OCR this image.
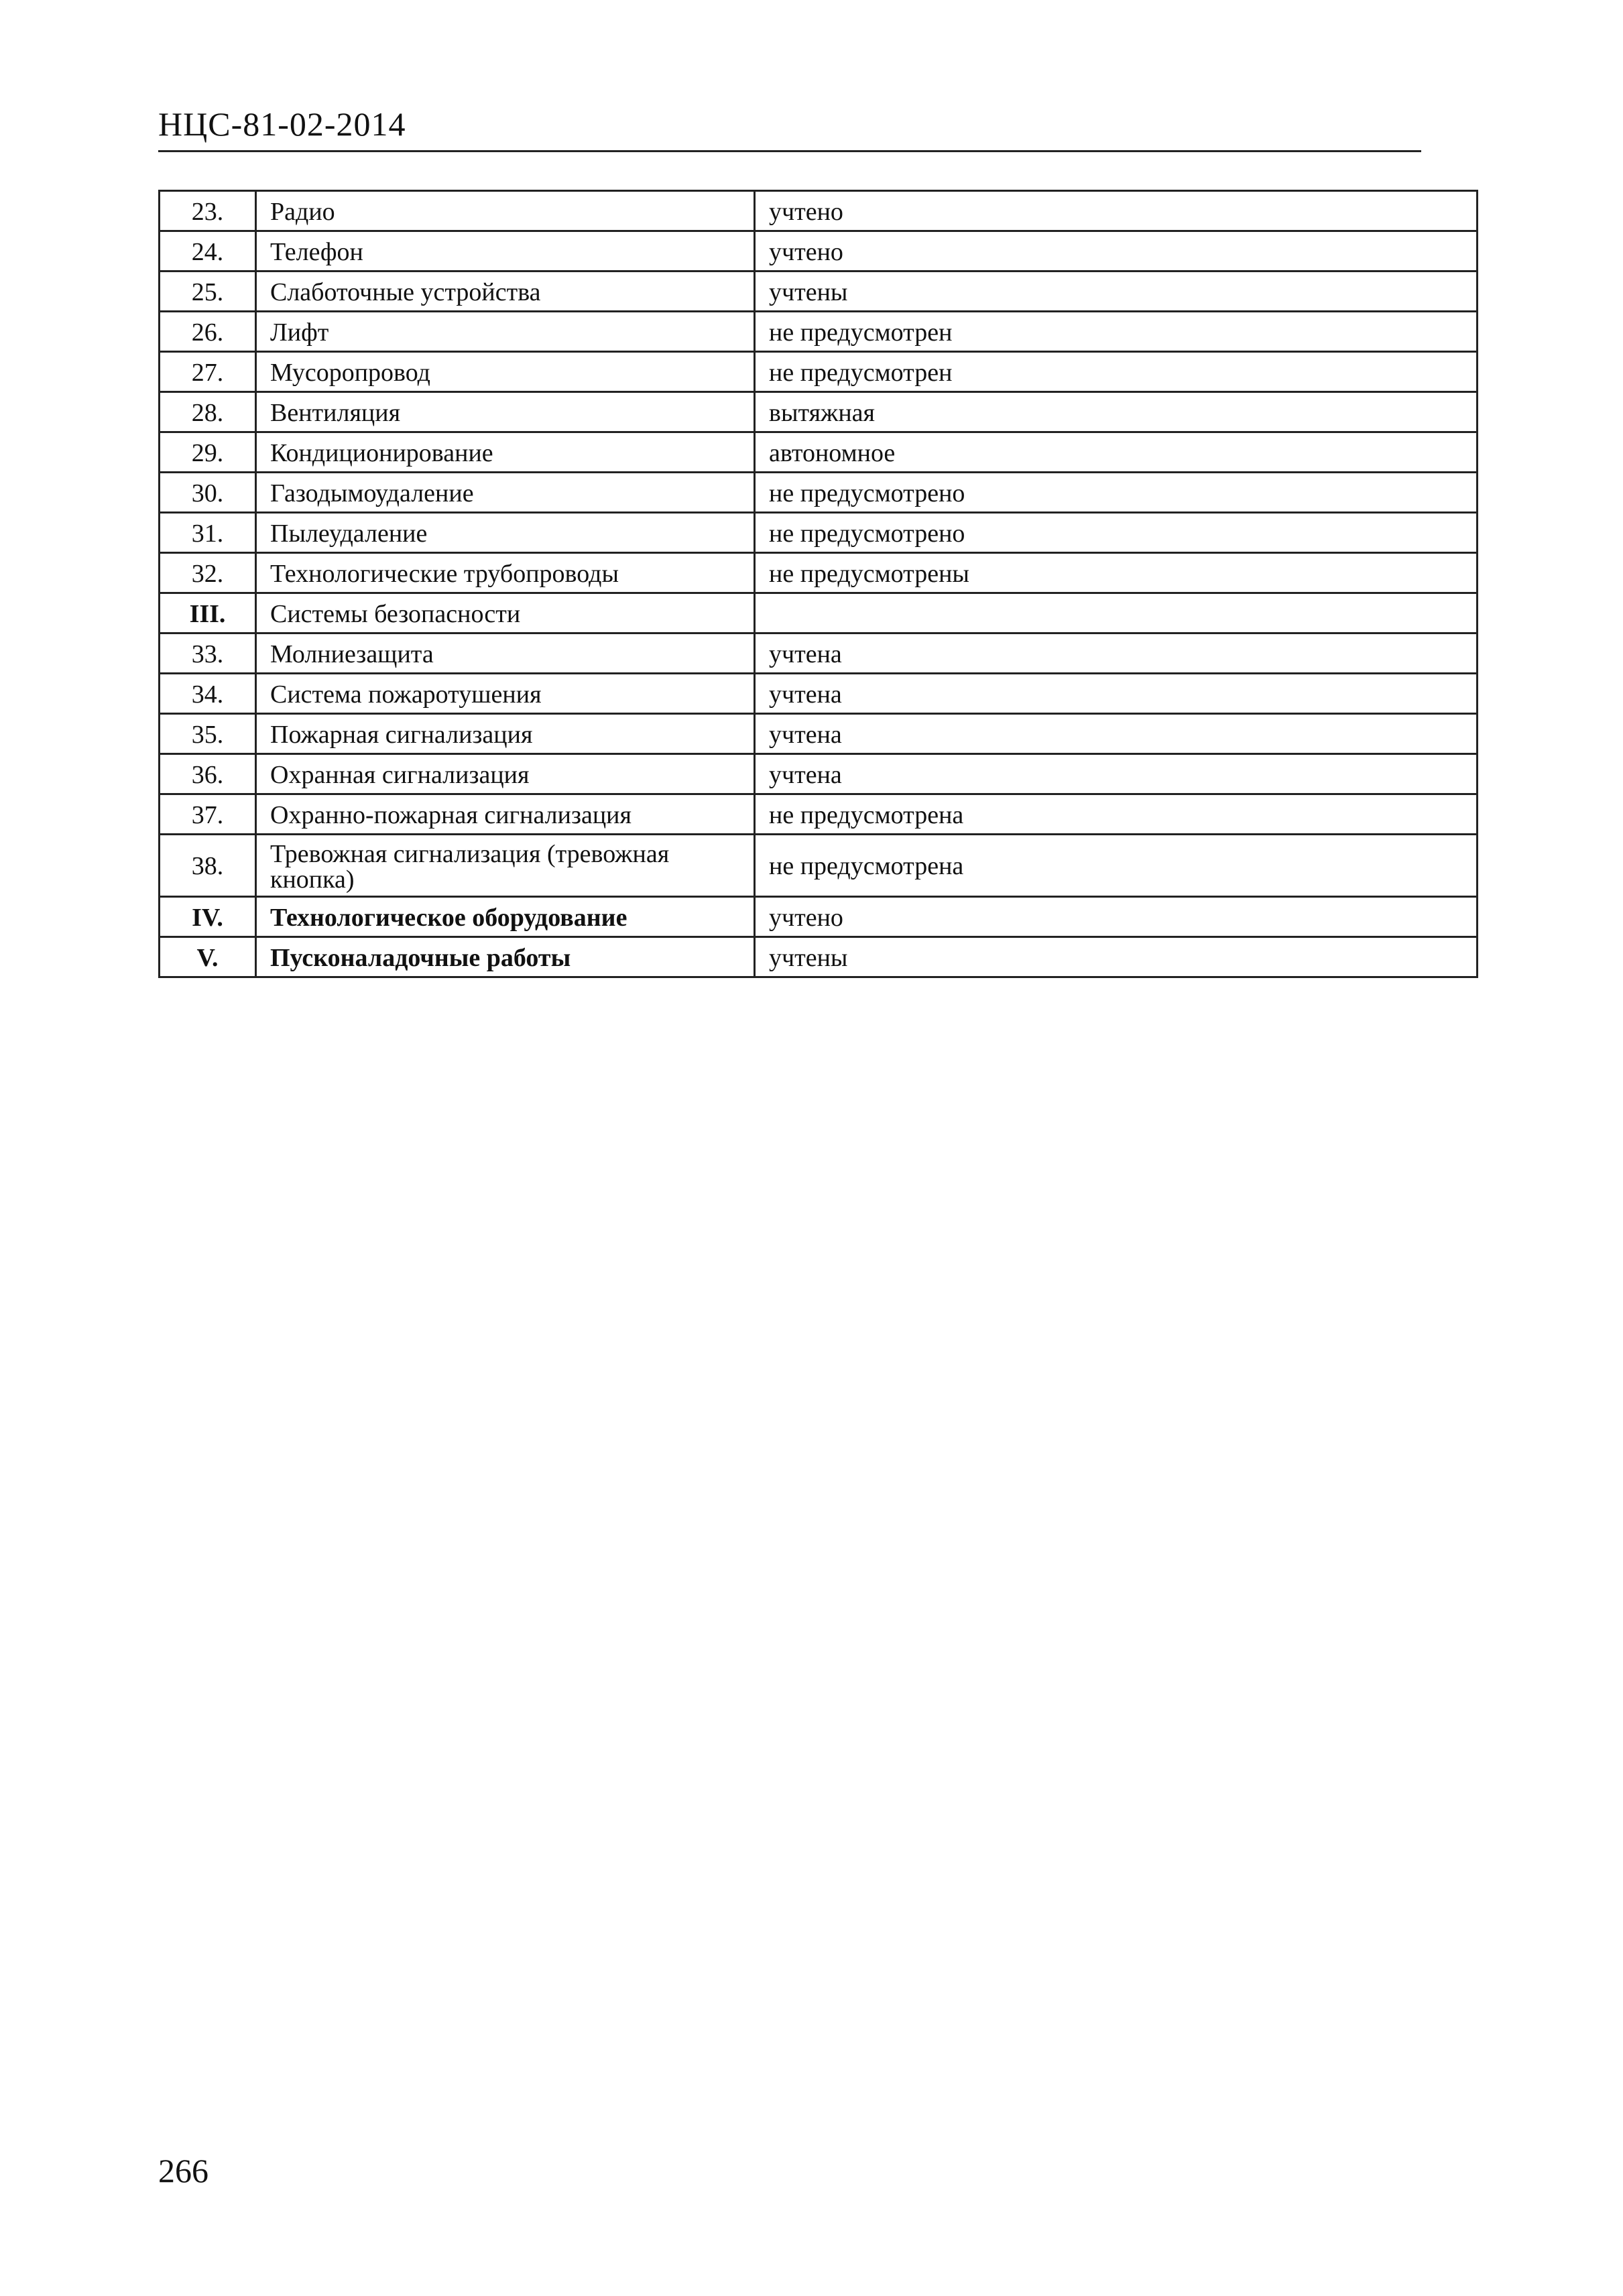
НЦС-81-02-2014
23.	Радио	учтено
24.	Телефон	учтено
25.	Слаботочные устройства	учтены
26.	Лифт	не предусмотрен
27.	Мусоропровод	не предусмотрен
28.	Вентиляция	вытяжная
29.	Кондиционирование	автономное
30.	Газодымоудаление	не предусмотрено
31.	Пылеудаление	не предусмотрено
32.	Технологические трубопроводы	не предусмотрены
III.	Системы безопасности	
33.	Молниезащита	учтена
34.	Система пожаротушения	учтена
35.	Пожарная сигнализация	учтена
36.	Охранная сигнализация	учтена
37.	Охранно-пожарная сигнализация	не предусмотрена
38.	Тревожная сигнализация (тревожная кнопка)	не предусмотрена
IV.	Технологическое оборудование	учтено
V.	Пусконаладочные работы	учтены
266
